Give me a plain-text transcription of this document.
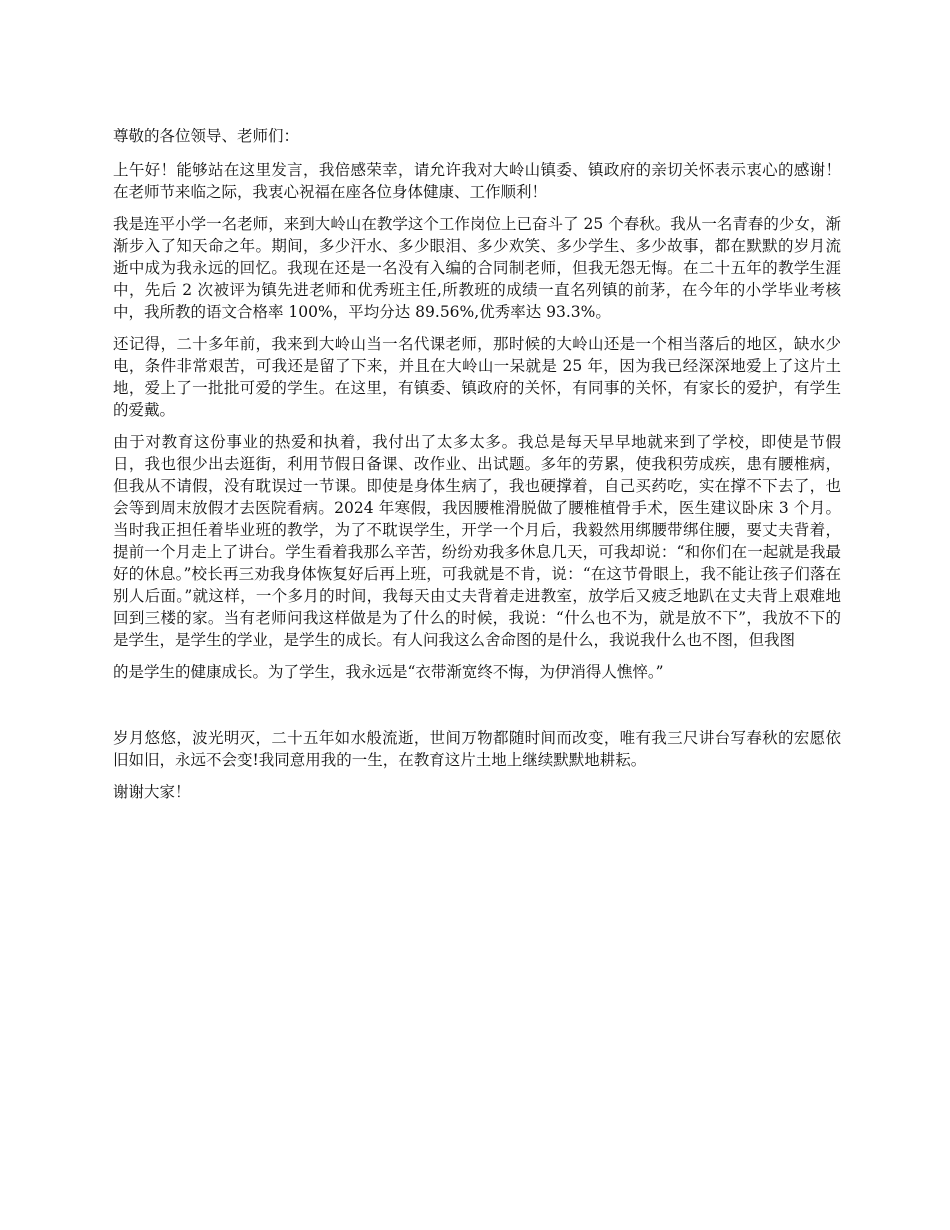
尊敬的各位领导、老师们：

上午好！能够站在这里发言，我倍感荣幸，请允许我对大岭山镇委、镇政府的亲切关怀表示衷心的感谢！在老师节来临之际，我衷心祝福在座各位身体健康、工作顺利！

我是连平小学一名老师，来到大岭山在教学这个工作岗位上已奋斗了 25 个春秋。我从一名青春的少女，渐渐步入了知天命之年。期间，多少汗水、多少眼泪、多少欢笑、多少学生、多少故事，都在默默的岁月流逝中成为我永远的回忆。我现在还是一名没有入编的合同制老师，但我无怨无悔。在二十五年的教学生涯中，先后 2 次被评为镇先进老师和优秀班主任,所教班的成绩一直名列镇的前茅，在今年的小学毕业考核中，我所教的语文合格率 100%，平均分达 89.56%,优秀率达 93.3%。

还记得，二十多年前，我来到大岭山当一名代课老师，那时候的大岭山还是一个相当落后的地区，缺水少电，条件非常艰苦，可我还是留了下来，并且在大岭山一呆就是 25 年，因为我已经深深地爱上了这片土地，爱上了一批批可爱的学生。在这里，有镇委、镇政府的关怀，有同事的关怀，有家长的爱护，有学生的爱戴。

由于对教育这份事业的热爱和执着，我付出了太多太多。我总是每天早早地就来到了学校，即使是节假日，我也很少出去逛街，利用节假日备课、改作业、出试题。多年的劳累，使我积劳成疾，患有腰椎病，但我从不请假，没有耽误过一节课。即使是身体生病了，我也硬撑着，自己买药吃，实在撑不下去了，也会等到周末放假才去医院看病。2024 年寒假，我因腰椎滑脱做了腰椎植骨手术，医生建议卧床 3 个月。当时我正担任着毕业班的教学，为了不耽误学生，开学一个月后，我毅然用绑腰带绑住腰，要丈夫背着，提前一个月走上了讲台。学生看着我那么辛苦，纷纷劝我多休息几天，可我却说：“和你们在一起就是我最好的休息。”校长再三劝我身体恢复好后再上班，可我就是不肯，说：“在这节骨眼上，我不能让孩子们落在别人后面。”就这样，一个多月的时间，我每天由丈夫背着走进教室，放学后又疲乏地趴在丈夫背上艰难地回到三楼的家。当有老师问我这样做是为了什么的时候，我说：“什么也不为，就是放不下”，我放不下的是学生，是学生的学业，是学生的成长。有人问我这么舍命图的是什么，我说我什么也不图，但我图

的是学生的健康成长。为了学生，我永远是“衣带渐宽终不悔，为伊消得人憔悴。”

岁月悠悠，波光明灭，二十五年如水般流逝，世间万物都随时间而改变，唯有我三尺讲台写春秋的宏愿依旧如旧，永远不会变!我同意用我的一生，在教育这片土地上继续默默地耕耘。

谢谢大家！
